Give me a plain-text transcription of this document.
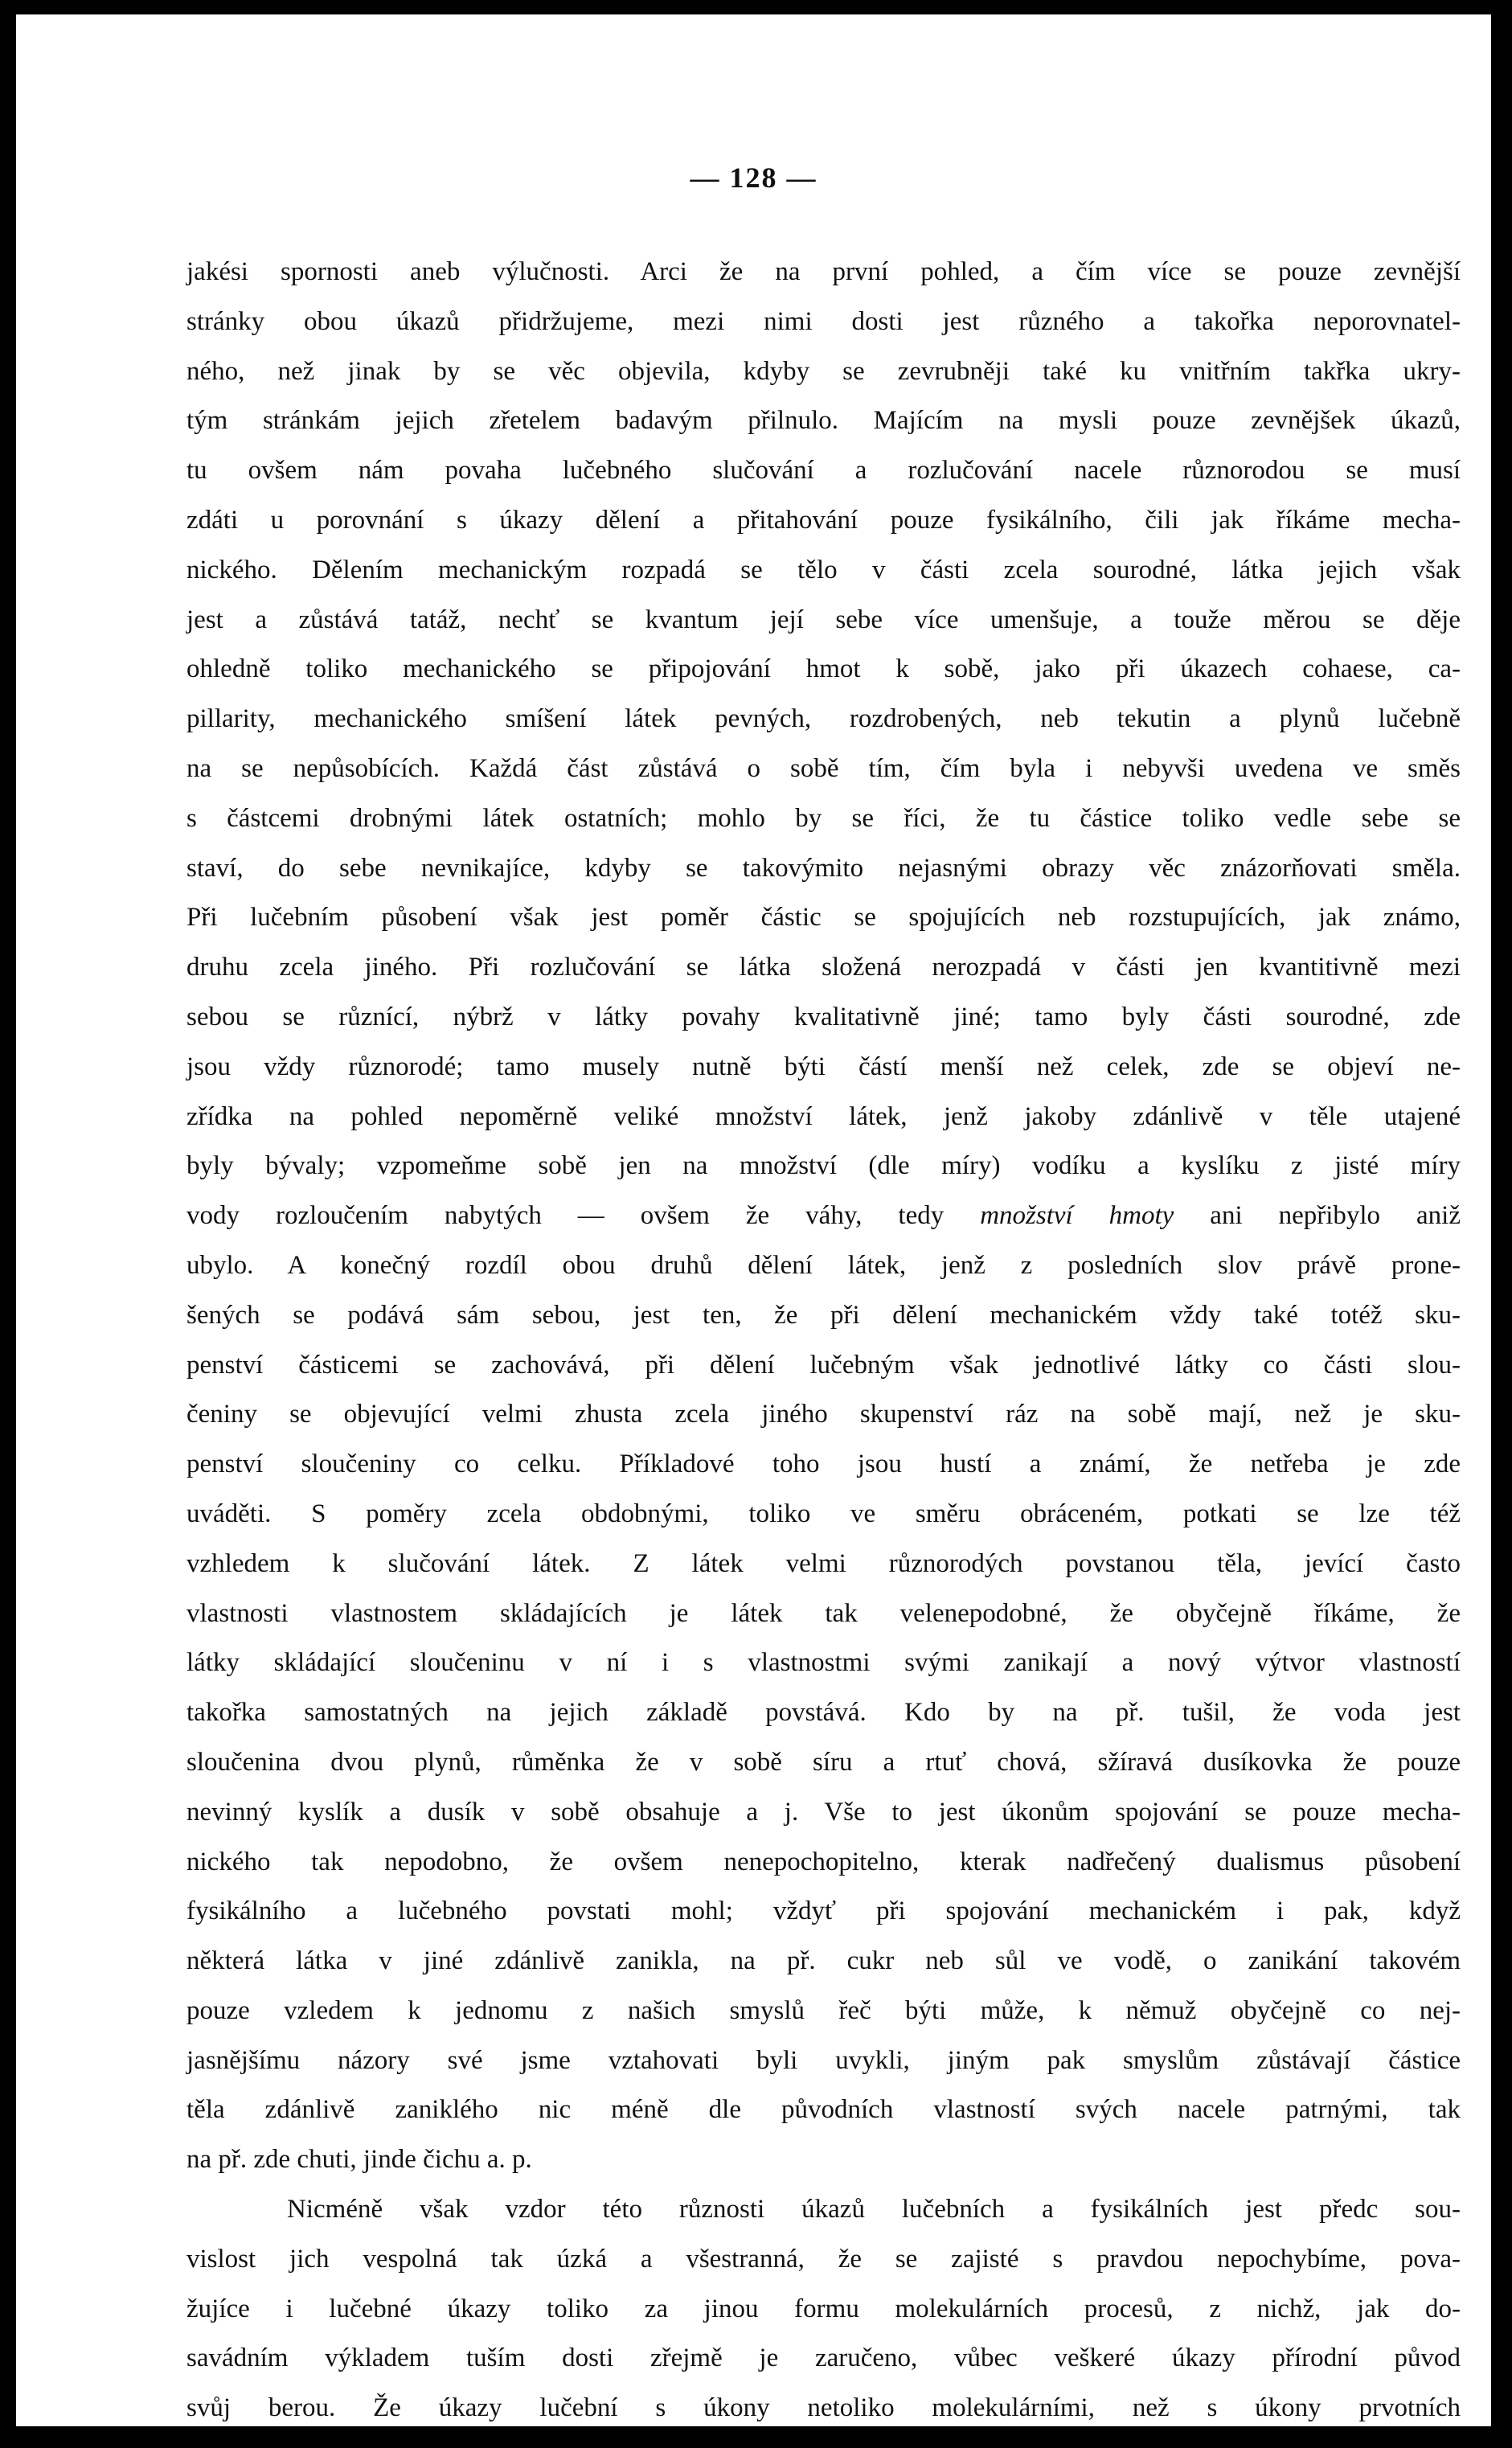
— 128 —
jakési spornosti aneb výlučnosti. Arci že na první pohled, a čím více se pouze zevnější
stránky obou úkazů přidržujeme, mezi nimi dosti jest různého a takořka neporovnatel-
ného, než jinak by se věc objevila, kdyby se zevrubněji také ku vnitřním takřka ukry-
tým stránkám jejich zřetelem badavým přilnulo. Majícím na mysli pouze zevnějšek úkazů,
tu ovšem nám povaha lučebného slučování a rozlučování nacele různorodou se musí
zdáti u porovnání s úkazy dělení a přitahování pouze fysikálního, čili jak říkáme mecha-
nického. Dělením mechanickým rozpadá se tělo v části zcela sourodné, látka jejich však
jest a zůstává tatáž, nechť se kvantum její sebe více umenšuje, a touže měrou se děje
ohledně toliko mechanického se připojování hmot k sobě, jako při úkazech cohaese, ca-
pillarity, mechanického smíšení látek pevných, rozdrobených, neb tekutin a plynů lučebně
na se nepůsobících. Každá část zůstává o sobě tím, čím byla i nebyvši uvedena ve směs
s částcemi drobnými látek ostatních; mohlo by se říci, že tu částice toliko vedle sebe se
staví, do sebe nevnikajíce, kdyby se takovýmito nejasnými obrazy věc znázorňovati směla.
Při lučebním působení však jest poměr částic se spojujících neb rozstupujících, jak známo,
druhu zcela jiného. Při rozlučování se látka složená nerozpadá v části jen kvantitivně mezi
sebou se různící, nýbrž v látky povahy kvalitativně jiné; tamo byly části sourodné, zde
jsou vždy různorodé; tamo musely nutně býti částí menší než celek, zde se objeví ne-
zřídka na pohled nepoměrně veliké množství látek, jenž jakoby zdánlivě v těle utajené
byly bývaly; vzpomeňme sobě jen na množství (dle míry) vodíku a kyslíku z jisté míry
vody rozloučením nabytých — ovšem že váhy, tedy množství hmoty ani nepřibylo aniž
ubylo. A konečný rozdíl obou druhů dělení látek, jenž z posledních slov právě prone-
šených se podává sám sebou, jest ten, že při dělení mechanickém vždy také totéž sku-
penství částicemi se zachovává, při dělení lučebným však jednotlivé látky co části slou-
čeniny se objevující velmi zhusta zcela jiného skupenství ráz na sobě mají, než je sku-
penství sloučeniny co celku. Příkladové toho jsou hustí a známí, že netřeba je zde
uváděti. S poměry zcela obdobnými, toliko ve směru obráceném, potkati se lze též
vzhledem k slučování látek. Z látek velmi různorodých povstanou těla, jevící často
vlastnosti vlastnostem skládajících je látek tak velenepodobné, že obyčejně říkáme, že
látky skládající sloučeninu v ní i s vlastnostmi svými zanikají a nový výtvor vlastností
takořka samostatných na jejich základě povstává. Kdo by na př. tušil, že voda jest
sloučenina dvou plynů, růměnka že v sobě síru a rtuť chová, sžíravá dusíkovka že pouze
nevinný kyslík a dusík v sobě obsahuje a j. Vše to jest úkonům spojování se pouze mecha-
nického tak nepodobno, že ovšem nenepochopitelno, kterak nadřečený dualismus působení
fysikálního a lučebného povstati mohl; vždyť při spojování mechanickém i pak, když
některá látka v jiné zdánlivě zanikla, na př. cukr neb sůl ve vodě, o zanikání takovém
pouze vzledem k jednomu z našich smyslů řeč býti může, k němuž obyčejně co nej-
jasnějšímu názory své jsme vztahovati byli uvykli, jiným pak smyslům zůstávají částice
těla zdánlivě zaniklého nic méně dle původních vlastností svých nacele patrnými, tak
na př. zde chuti, jinde čichu a. p.
Nicméně však vzdor této různosti úkazů lučebních a fysikálních jest předc sou-
vislost jich vespolná tak úzká a všestranná, že se zajisté s pravdou nepochybíme, pova-
žujíce i lučebné úkazy toliko za jinou formu molekulárních procesů, z nichž, jak do-
savádním výkladem tuším dosti zřejmě je zaručeno, vůbec veškeré úkazy přírodní původ
svůj berou. Že úkazy lučební s úkony netoliko molekulárními, než s úkony prvotních
